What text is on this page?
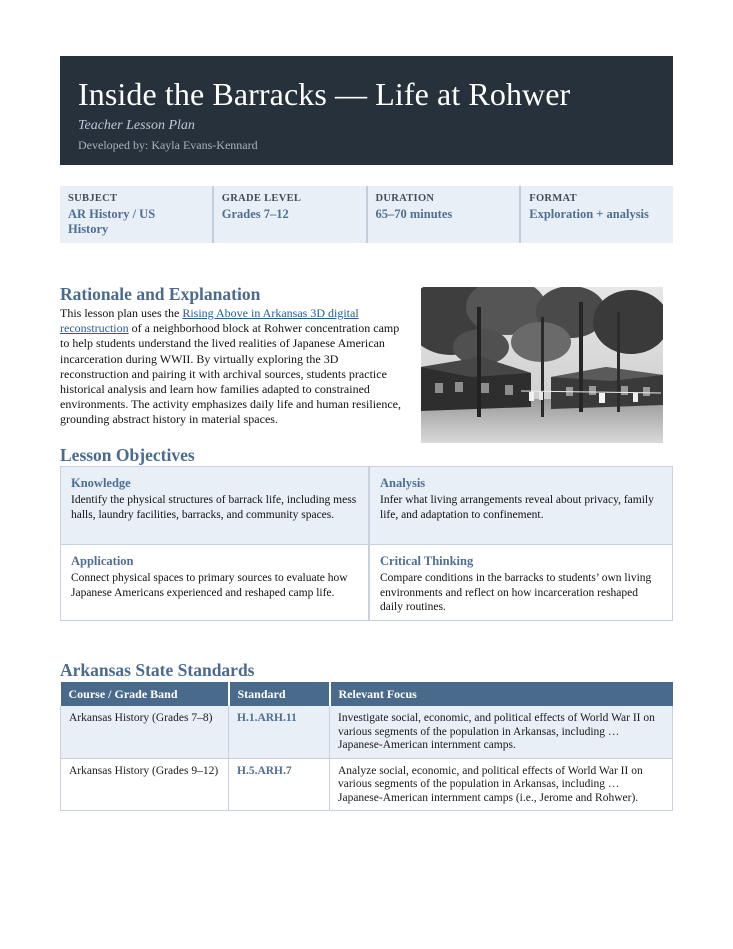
Inside the Barracks — Life at Rohwer
Teacher Lesson Plan
Developed by: Kayla Evans-Kennard
SUBJECT
AR History / US History
GRADE LEVEL
Grades 7–12
DURATION
65–70 minutes
FORMAT
Exploration + analysis
Rationale and Explanation
This lesson plan uses the Rising Above in Arkansas 3D digital reconstruction of a neighborhood block at Rohwer concentration camp to help students understand the lived realities of Japanese American incarceration during WWII. By virtually exploring the 3D reconstruction and pairing it with archival sources, students practice historical analysis and learn how families adapted to constrained environments. The activity emphasizes daily life and human resilience, grounding abstract history in material spaces.
Lesson Objectives
Knowledge
Identify the physical structures of barrack life, including mess halls, laundry facilities, barracks, and community spaces.
Analysis
Infer what living arrangements reveal about privacy, family life, and adaptation to confinement.
Application
Connect physical spaces to primary sources to evaluate how Japanese Americans experienced and reshaped camp life.
Critical Thinking
Compare conditions in the barracks to students’ own living environments and reflect on how incarceration reshaped daily routines.
Arkansas State Standards
Course / Grade Band	Standard	Relevant Focus
Arkansas History (Grades 7–8)	H.1.ARH.11	Investigate social, economic, and political effects of World War II on various segments of the population in Arkansas, including … Japanese-American internment camps.
Arkansas History (Grades 9–12)	H.5.ARH.7	Analyze social, economic, and political effects of World War II on various segments of the population in Arkansas, including … Japanese-American internment camps (i.e., Jerome and Rohwer).
